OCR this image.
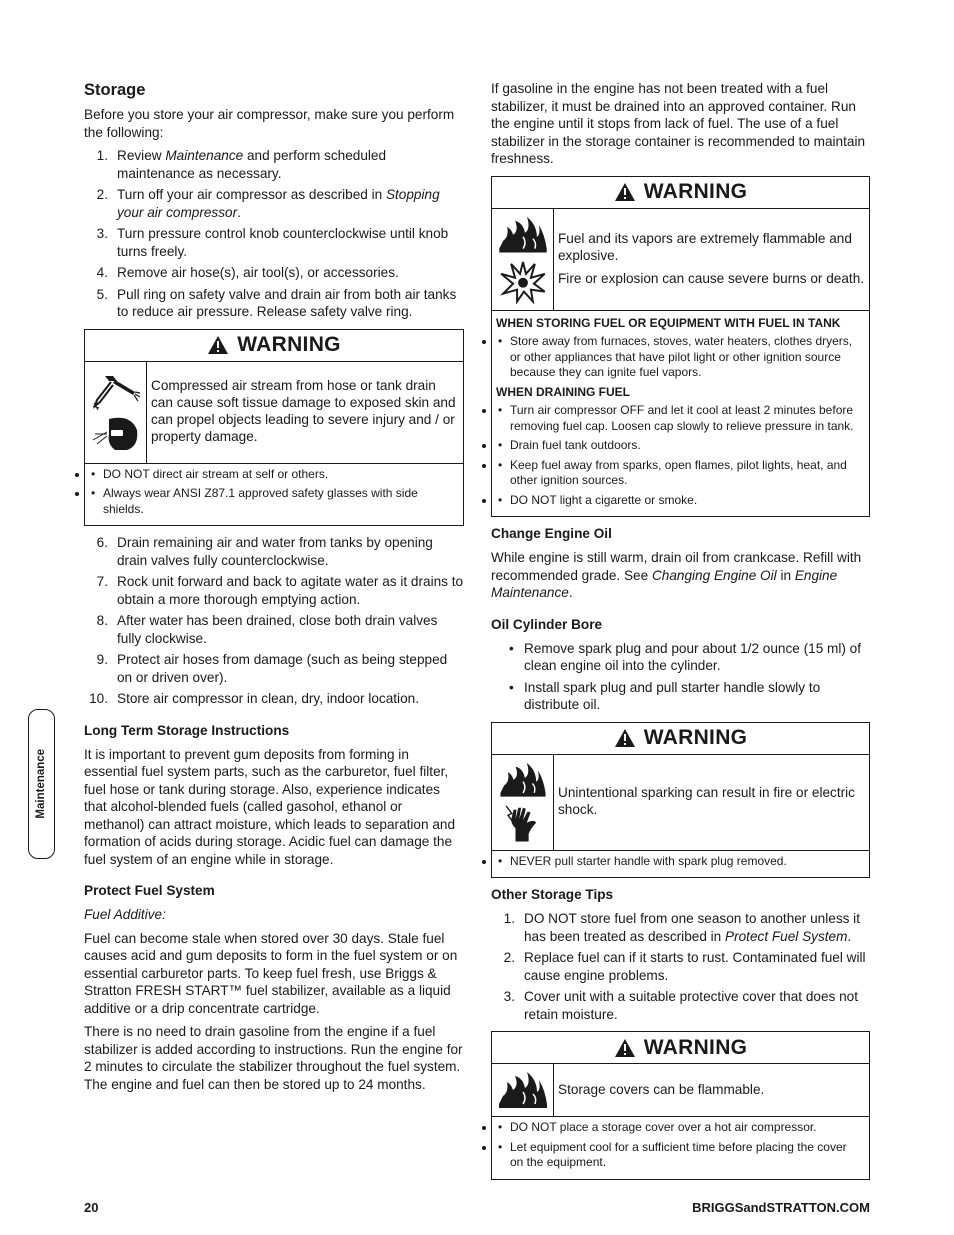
Maintenance
Storage

Before you store your air compressor, make sure you perform the following:

1. Review Maintenance and perform scheduled maintenance as necessary.
2. Turn off your air compressor as described in Stopping your air compressor.
3. Turn pressure control knob counterclockwise until knob turns freely.
4. Remove air hose(s), air tool(s), or accessories.
5. Pull ring on safety valve and drain air from both air tanks to reduce air pressure. Release safety valve ring.
WARNING

Compressed air stream from hose or tank drain can cause soft tissue damage to exposed skin and can propel objects leading to severe injury and / or property damage.

• • DO NOT direct air stream at self or others.
• • Always wear ANSI Z87.1 approved safety glasses with side shields.
6. Drain remaining air and water from tanks by opening drain valves fully counterclockwise.
7. Rock unit forward and back to agitate water as it drains to obtain a more thorough emptying action.
8. After water has been drained, close both drain valves fully clockwise.
9. Protect air hoses from damage (such as being stepped on or driven over).
10. Store air compressor in clean, dry, indoor location.
Long Term Storage Instructions

It is important to prevent gum deposits from forming in essential fuel system parts, such as the carburetor, fuel filter, fuel hose or tank during storage. Also, experience indicates that alcohol-blended fuels (called gasohol, ethanol or methanol) can attract moisture, which leads to separation and formation of acids during storage. Acidic fuel can damage the fuel system of an engine while in storage.

Protect Fuel System

Fuel Additive:

Fuel can become stale when stored over 30 days. Stale fuel causes acid and gum deposits to form in the fuel system or on essential carburetor parts. To keep fuel fresh, use Briggs & Stratton FRESH START™ fuel stabilizer, available as a liquid additive or a drip concentrate cartridge.

There is no need to drain gasoline from the engine if a fuel stabilizer is added according to instructions. Run the engine for 2 minutes to circulate the stabilizer throughout the fuel system. The engine and fuel can then be stored up to 24 months.

If gasoline in the engine has not been treated with a fuel stabilizer, it must be drained into an approved container. Run the engine until it stops from lack of fuel. The use of a fuel stabilizer in the storage container is recommended to maintain freshness.

WARNING

Fuel and its vapors are extremely flammable and explosive.

Fire or explosion can cause severe burns or death.

WHEN STORING FUEL OR EQUIPMENT WITH FUEL IN TANK
• • Store away from furnaces, stoves, water heaters, clothes dryers, or other appliances that have pilot light or other ignition source because they can ignite fuel vapors.
WHEN DRAINING FUEL
• • Turn air compressor OFF and let it cool at least 2 minutes before removing fuel cap. Loosen cap slowly to relieve pressure in tank.
• • Drain fuel tank outdoors.
• • Keep fuel away from sparks, open flames, pilot lights, heat, and other ignition sources.
• • DO NOT light a cigarette or smoke.
Change Engine Oil

While engine is still warm, drain oil from crankcase. Refill with recommended grade. See Changing Engine Oil in Engine Maintenance.

Oil Cylinder Bore
• Remove spark plug and pour about 1/2 ounce (15 ml) of clean engine oil into the cylinder.
• Install spark plug and pull starter handle slowly to distribute oil.
WARNING

Unintentional sparking can result in fire or electric shock.

• • NEVER pull starter handle with spark plug removed.
Other Storage Tips
1. DO NOT store fuel from one season to another unless it has been treated as described in Protect Fuel System.
2. Replace fuel can if it starts to rust. Contaminated fuel will cause engine problems.
3. Cover unit with a suitable protective cover that does not retain moisture.
WARNING

Storage covers can be flammable.

• • DO NOT place a storage cover over a hot air compressor.
• • Let equipment cool for a sufficient time before placing the cover on the equipment.
20	BRIGGSandSTRATTON.COM
